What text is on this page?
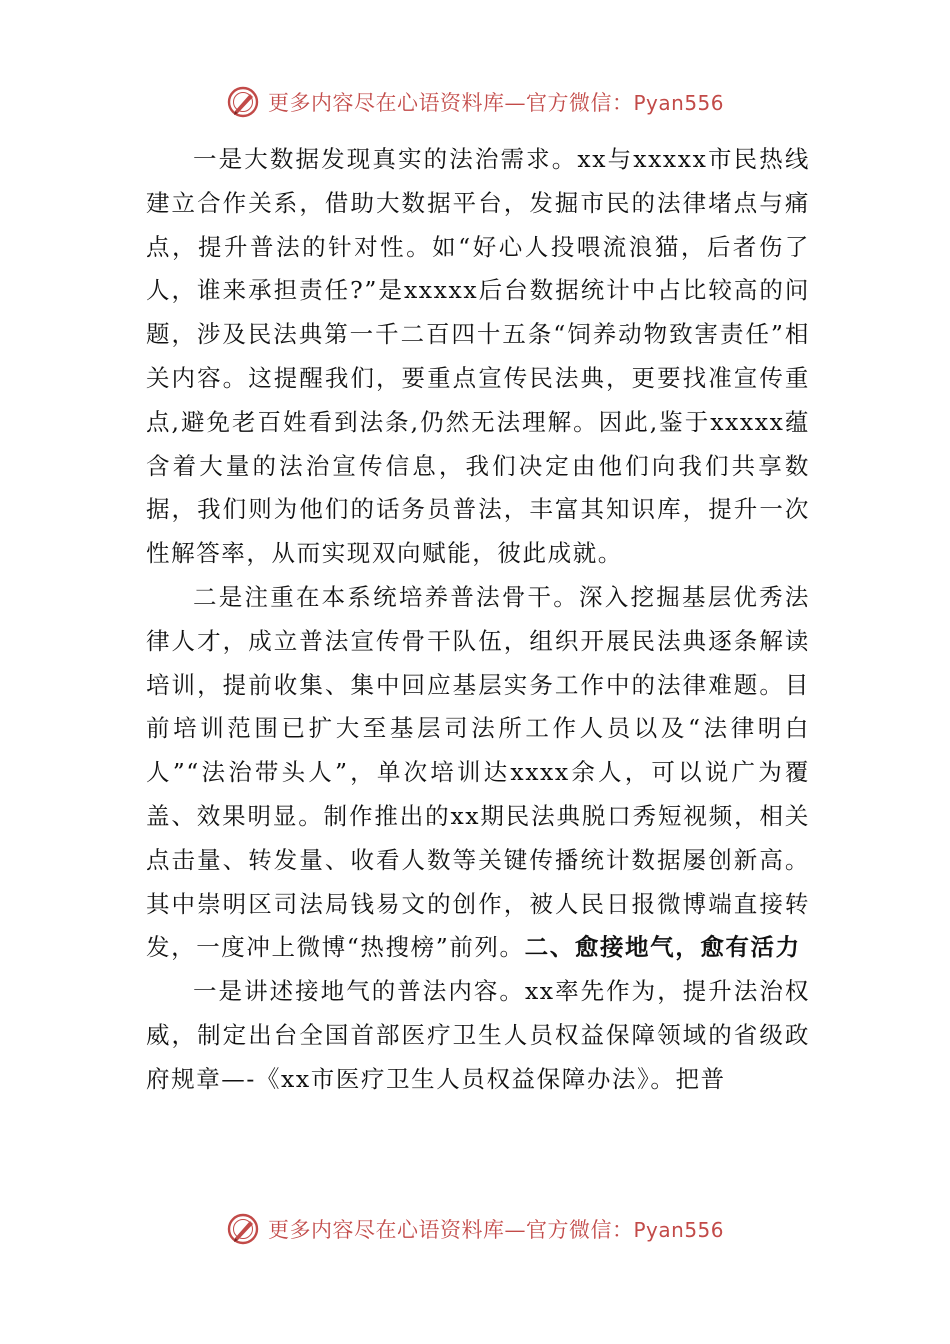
更多内容尽在心语资料库—官方微信：Pyan556

一是大数据发现真实的法治需求。xx与xxxxx市民热线建立合作关系，借助大数据平台，发掘市民的法律堵点与痛点，提升普法的针对性。如“好心人投喂流浪猫，后者伤了人，谁来承担责任?”是xxxxx后台数据统计中占比较高的问题，涉及民法典第一千二百四十五条“饲养动物致害责任”相关内容。这提醒我们，要重点宣传民法典，更要找准宣传重点,避免老百姓看到法条,仍然无法理解。因此,鉴于xxxxx蕴含着大量的法治宣传信息，我们决定由他们向我们共享数据，我们则为他们的话务员普法，丰富其知识库，提升一次性解答率，从而实现双向赋能，彼此成就。

二是注重在本系统培养普法骨干。深入挖掘基层优秀法律人才，成立普法宣传骨干队伍，组织开展民法典逐条解读培训，提前收集、集中回应基层实务工作中的法律难题。目前培训范围已扩大至基层司法所工作人员以及“法律明白人”“法治带头人”，单次培训达xxxx余人，可以说广为覆盖、效果明显。制作推出的xx期民法典脱口秀短视频，相关点击量、转发量、收看人数等关键传播统计数据屡创新高。其中崇明区司法局钱易文的创作，被人民日报微博端直接转发，一度冲上微博“热搜榜”前列。二、愈接地气，愈有活力

一是讲述接地气的普法内容。xx率先作为，提升法治权威，制定出台全国首部医疗卫生人员权益保障领域的省级政府规章—-《xx市医疗卫生人员权益保障办法》。把普

更多内容尽在心语资料库—官方微信：Pyan556
